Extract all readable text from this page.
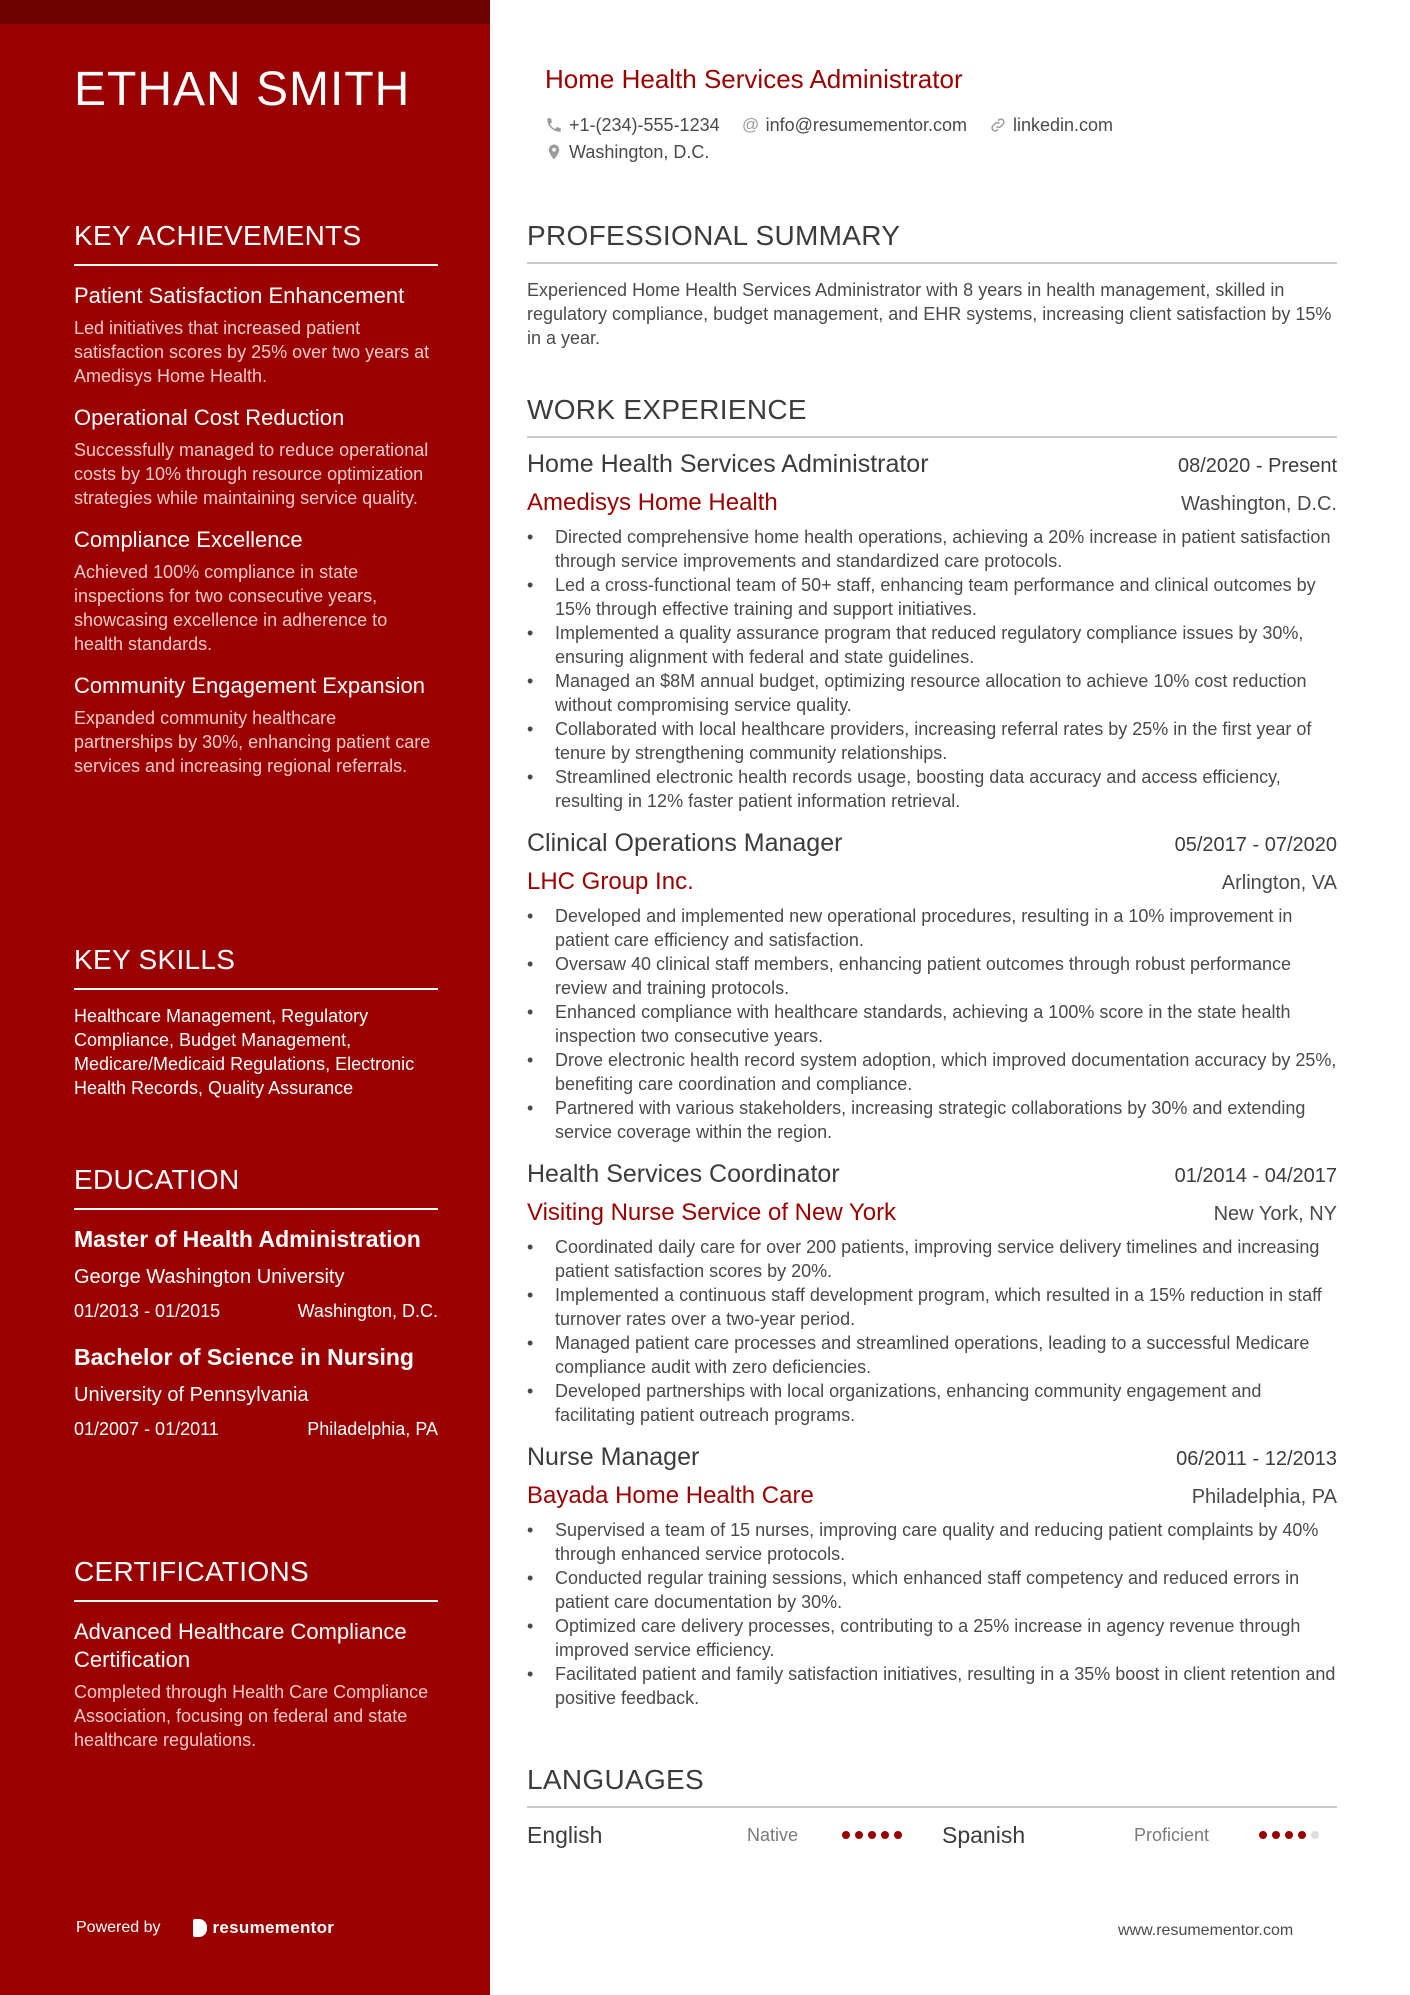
ETHAN SMITH
KEY ACHIEVEMENTS
Patient Satisfaction Enhancement

Led initiatives that increased patient satisfaction scores by 25% over two years at Amedisys Home Health.

Operational Cost Reduction

Successfully managed to reduce operational costs by 10% through resource optimization strategies while maintaining service quality.

Compliance Excellence

Achieved 100% compliance in state inspections for two consecutive years, showcasing excellence in adherence to health standards.

Community Engagement Expansion

Expanded community healthcare partnerships by 30%, enhancing patient care services and increasing regional referrals.

KEY SKILLS
Healthcare Management, Regulatory Compliance, Budget Management, Medicare/Medicaid Regulations, Electronic Health Records, Quality Assurance
EDUCATION
Master of Health Administration
George Washington University
01/2013 - 01/2015	Washington, D.C.
Bachelor of Science in Nursing
University of Pennsylvania
01/2007 - 01/2011	Philadelphia, PA
CERTIFICATIONS
Advanced Healthcare Compliance Certification

Completed through Health Care Compliance Association, focusing on federal and state healthcare regulations.

Powered by	resumementor
Home Health Services Administrator
+1-(234)-555-1234 @ info@resumementor.com	linkedin.com
Washington, D.C.
PROFESSIONAL SUMMARY
Experienced Home Health Services Administrator with 8 years in health management, skilled in regulatory compliance, budget management, and EHR systems, increasing client satisfaction by 15% in a year.
WORK EXPERIENCE
Home Health Services Administrator	08/2020 - Present
Amedisys Home Health	Washington, D.C.
• Directed comprehensive home health operations, achieving a 20% increase in patient satisfaction through service improvements and standardized care protocols.
• Led a cross-functional team of 50+ staff, enhancing team performance and clinical outcomes by 15% through effective training and support initiatives.
• Implemented a quality assurance program that reduced regulatory compliance issues by 30%, ensuring alignment with federal and state guidelines.
• Managed an $8M annual budget, optimizing resource allocation to achieve 10% cost reduction without compromising service quality.
• Collaborated with local healthcare providers, increasing referral rates by 25% in the first year of tenure by strengthening community relationships.
• Streamlined electronic health records usage, boosting data accuracy and access efficiency, resulting in 12% faster patient information retrieval.
Clinical Operations Manager	05/2017 - 07/2020
LHC Group Inc.	Arlington, VA
• Developed and implemented new operational procedures, resulting in a 10% improvement in patient care efficiency and satisfaction.
• Oversaw 40 clinical staff members, enhancing patient outcomes through robust performance review and training protocols.
• Enhanced compliance with healthcare standards, achieving a 100% score in the state health inspection two consecutive years.
• Drove electronic health record system adoption, which improved documentation accuracy by 25%, benefiting care coordination and compliance.
• Partnered with various stakeholders, increasing strategic collaborations by 30% and extending service coverage within the region.
Health Services Coordinator	01/2014 - 04/2017
Visiting Nurse Service of New York	New York, NY
• Coordinated daily care for over 200 patients, improving service delivery timelines and increasing patient satisfaction scores by 20%.
• Implemented a continuous staff development program, which resulted in a 15% reduction in staff turnover rates over a two-year period.
• Managed patient care processes and streamlined operations, leading to a successful Medicare compliance audit with zero deficiencies.
• Developed partnerships with local organizations, enhancing community engagement and facilitating patient outreach programs.
Nurse Manager	06/2011 - 12/2013
Bayada Home Health Care	Philadelphia, PA
• Supervised a team of 15 nurses, improving care quality and reducing patient complaints by 40% through enhanced service protocols.
• Conducted regular training sessions, which enhanced staff competency and reduced errors in patient care documentation by 30%.
• Optimized care delivery processes, contributing to a 25% increase in agency revenue through improved service efficiency.
• Facilitated patient and family satisfaction initiatives, resulting in a 35% boost in client retention and positive feedback.
LANGUAGES
English	Native	Spanish	Proficient
www.resumementor.com
